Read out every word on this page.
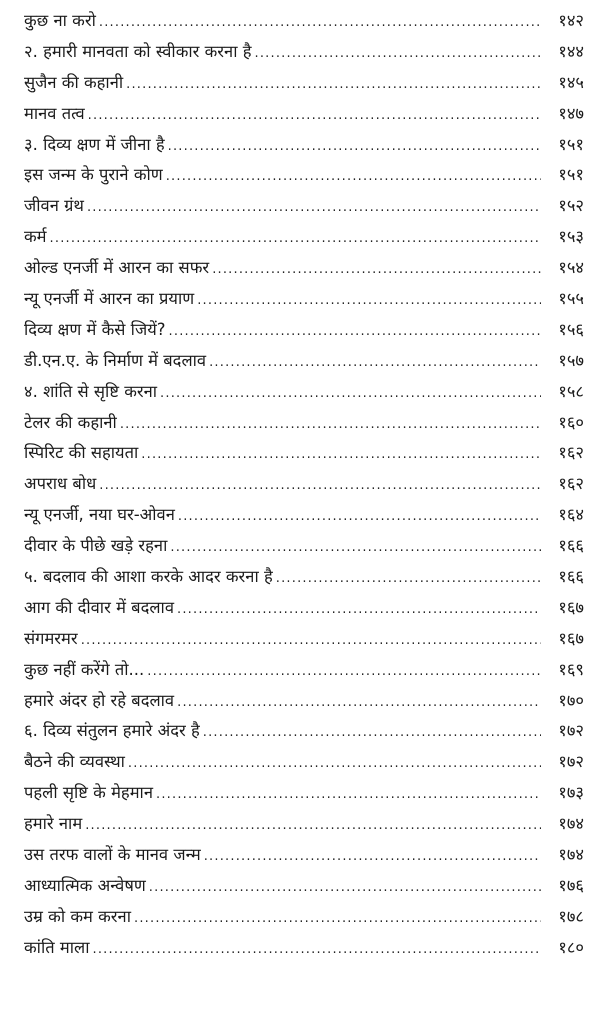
कुछ ना करो .....	१४२
२. हमारी मानवता को स्वीकार करना है .....	१४४
सुजैन की कहानी .....	१४५
मानव तत्व .....	१४७
३. दिव्य क्षण में जीना है .....	१५१
इस जन्म के पुराने कोण .....	१५१
जीवन ग्रंथ .....	१५२
कर्म .....	१५३
ओल्ड एनर्जी में आरन का सफर .....	१५४
न्यू एनर्जी में आरन का प्रयाण .....	१५५
दिव्य क्षण में कैसे जियें? .....	१५६
डी.एन.ए. के निर्माण में बदलाव .....	१५७
४. शांति से सृष्टि करना .....	१५८
टेलर की कहानी .....	१६०
स्पिरिट की सहायता .....	१६२
अपराध बोध .....	१६२
न्यू एनर्जी, नया घर-ओवन .....	१६४
दीवार के पीछे खड़े रहना .....	१६६
५. बदलाव की आशा करके आदर करना है .....	१६६
आग की दीवार में बदलाव .....	१६७
संगमरमर .....	१६७
कुछ नहीं करेंगे तो... .....	१६९
हमारे अंदर हो रहे बदलाव .....	१७०
६. दिव्य संतुलन हमारे अंदर है .....	१७२
बैठने की व्यवस्था .....	१७२
पहली सृष्टि के मेहमान .....	१७३
हमारे नाम .....	१७४
उस तरफ वालों के मानव जन्म .....	१७४
आध्यात्मिक अन्वेषण .....	१७६
उम्र को कम करना .....	१७८
कांति माला .....	१८०
